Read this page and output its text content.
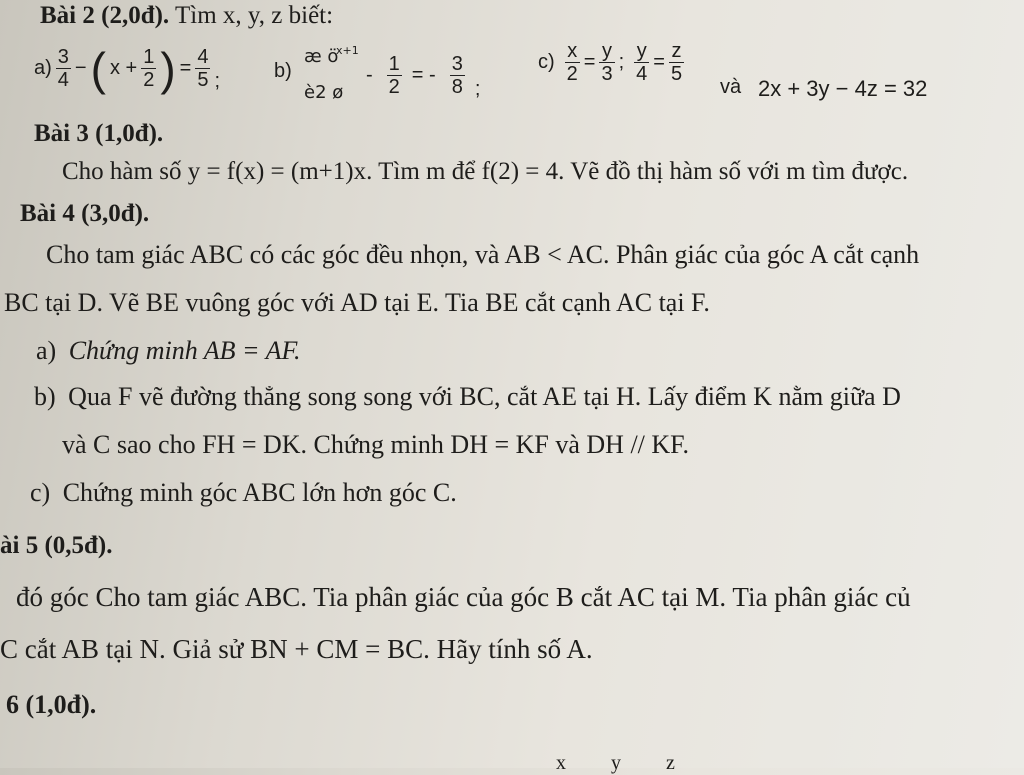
Bài 2 (2,0đ). Tìm x, y, z biết:
$a) \frac{3}{4}$ − ( $x + \frac{1}{2}$ ) = $\frac{4}{5}$ ;	b)
æ ö
x+1
è2 ø
- $\frac{1}{2}$ = - $\frac{3}{8}$ ;
$c) \frac{x}{2} = \frac{y}{3}$ ; $\frac{y}{4} = \frac{z}{5}$
và 2x + 3y − 4z = 32
Bài 3 (1,0đ).
Cho hàm số y = f(x) = (m+1)x. Tìm m để f(2) = 4. Vẽ đồ thị hàm số với m tìm được.
Bài 4 (3,0đ).
Cho tam giác ABC có các góc đều nhọn, và AB < AC. Phân giác của góc A cắt cạnh
BC tại D. Vẽ BE vuông góc với AD tại E. Tia BE cắt cạnh AC tại F.
a) Chứng minh AB = AF.
b) Qua F vẽ đường thẳng song song với BC, cắt AE tại H. Lấy điểm K nằm giữa D
và C sao cho FH = DK. Chứng minh DH = KF và DH // KF.
c) Chứng minh góc ABC lớn hơn góc C.
ài 5 (0,5đ).
đó góc Cho tam giác ABC. Tia phân giác của góc B cắt AC tại M. Tia phân giác củ
C cắt AB tại N. Giả sử BN + CM = BC. Hãy tính số A.
6 (1,0đ).
x y z
